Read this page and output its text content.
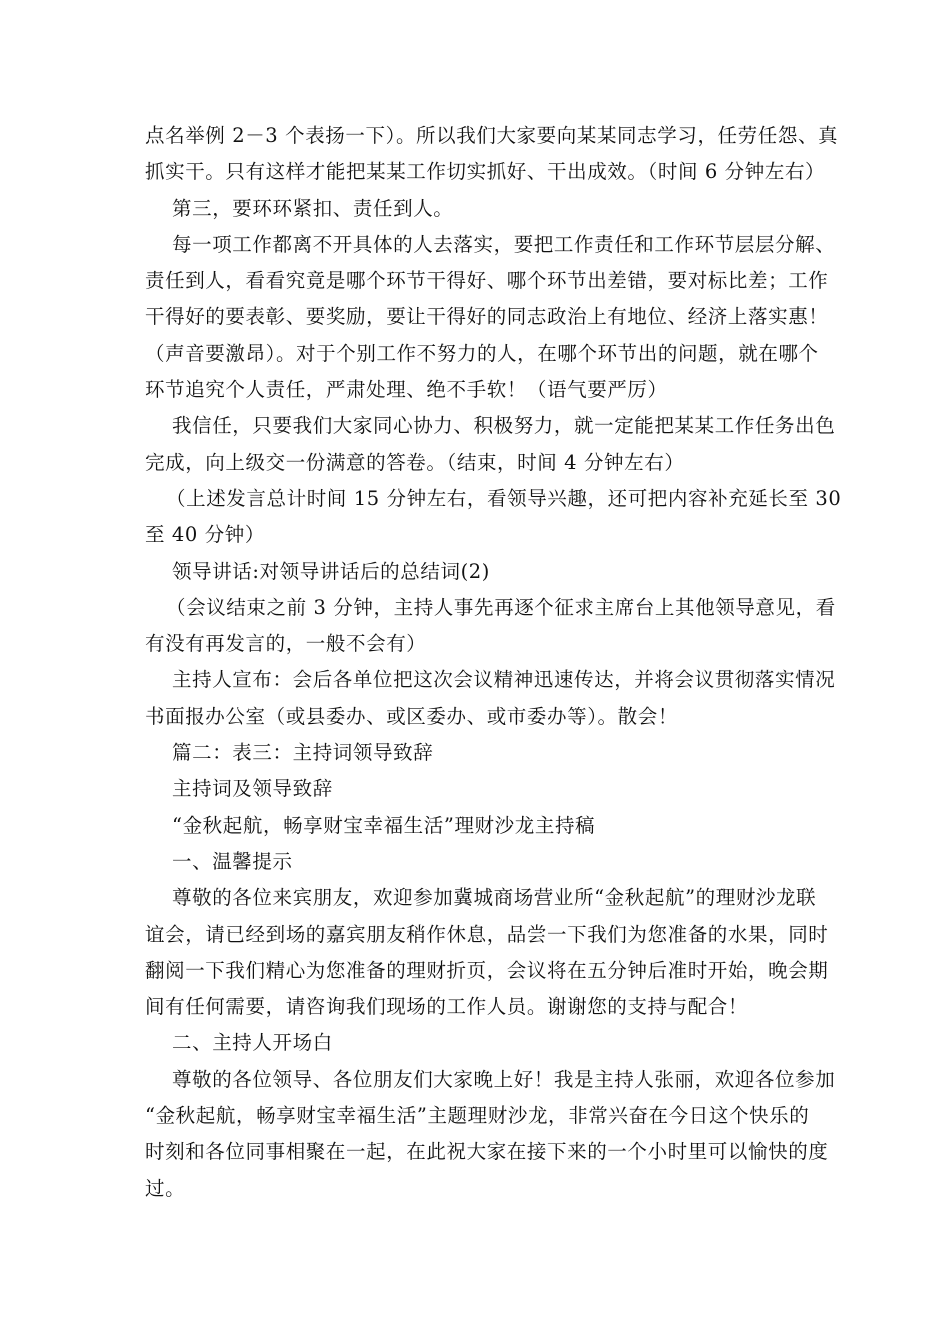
点名举例 2－3 个表扬一下）。所以我们大家要向某某同志学习，任劳任怨、真
抓实干。只有这样才能把某某工作切实抓好、干出成效。（时间 6 分钟左右）
第三，要环环紧扣、责任到人。
每一项工作都离不开具体的人去落实，要把工作责任和工作环节层层分解、
责任到人，看看究竟是哪个环节干得好、哪个环节出差错，要对标比差；工作
干得好的要表彰、要奖励，要让干得好的同志政治上有地位、经济上落实惠！
（声音要激昂）。对于个别工作不努力的人，在哪个环节出的问题，就在哪个
环节追究个人责任，严肃处理、绝不手软！（语气要严厉）
我信任，只要我们大家同心协力、积极努力，就一定能把某某工作任务出色
完成，向上级交一份满意的答卷。（结束，时间 4 分钟左右）
（上述发言总计时间 15 分钟左右，看领导兴趣，还可把内容补充延长至 30
至 40 分钟）
领导讲话:对领导讲话后的总结词(2)
（会议结束之前 3 分钟，主持人事先再逐个征求主席台上其他领导意见，看
有没有再发言的，一般不会有）
主持人宣布：会后各单位把这次会议精神迅速传达，并将会议贯彻落实情况
书面报办公室（或县委办、或区委办、或市委办等）。散会！
篇二：表三：主持词领导致辞
主持词及领导致辞
“金秋起航，畅享财宝幸福生活”理财沙龙主持稿
一、温馨提示
尊敬的各位来宾朋友，欢迎参加冀城商场营业所“金秋起航”的理财沙龙联
谊会，请已经到场的嘉宾朋友稍作休息，品尝一下我们为您准备的水果，同时
翻阅一下我们精心为您准备的理财折页，会议将在五分钟后准时开始，晚会期
间有任何需要，请咨询我们现场的工作人员。谢谢您的支持与配合！
二、主持人开场白
尊敬的各位领导、各位朋友们大家晚上好！我是主持人张丽，欢迎各位参加
“金秋起航，畅享财宝幸福生活”主题理财沙龙，非常兴奋在今日这个快乐的
时刻和各位同事相聚在一起，在此祝大家在接下来的一个小时里可以愉快的度
过。
